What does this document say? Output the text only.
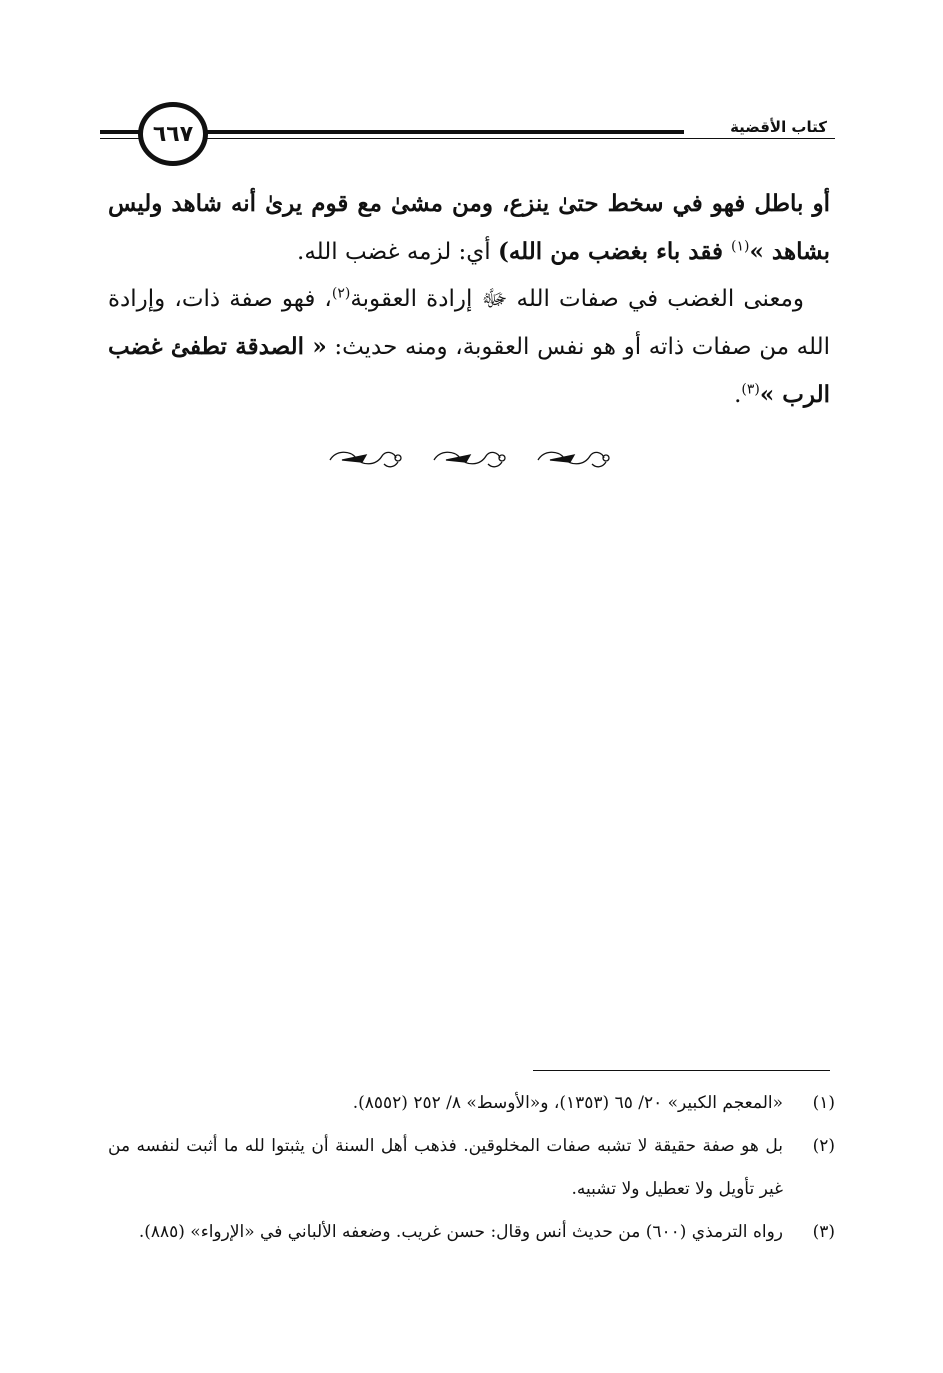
كتاب الأقضية
٦٦٧

أو باطل فهو في سخط حتىٰ ينزع، ومن مشىٰ مع قوم يرىٰ أنه شاهد وليس بشاهد »$^{(١)}$ فقد باء بغضب من الله) أي: لزمه غضب الله.

ومعنى الغضب في صفات الله ﷻ إرادة العقوبة$^{(٢)}$، فهو صفة ذات، وإرادة الله من صفات ذاته أو هو نفس العقوبة، ومنه حديث: « الصدقة تطفئ غضب الرب »$^{(٣)}$.

(١)
«المعجم الكبير» ٢٠/ ٦٥ (١٣٥٣)، و«الأوسط» ٨/ ٢٥٢ (٨٥٥٢).
(٢)
بل هو صفة حقيقة لا تشبه صفات المخلوقين. فذهب أهل السنة أن يثبتوا لله ما أثبت لنفسه من غير تأويل ولا تعطيل ولا تشبيه.
(٣)
رواه الترمذي (٦٠٠) من حديث أنس وقال: حسن غريب. وضعفه الألباني في «الإرواء» (٨٨٥).
